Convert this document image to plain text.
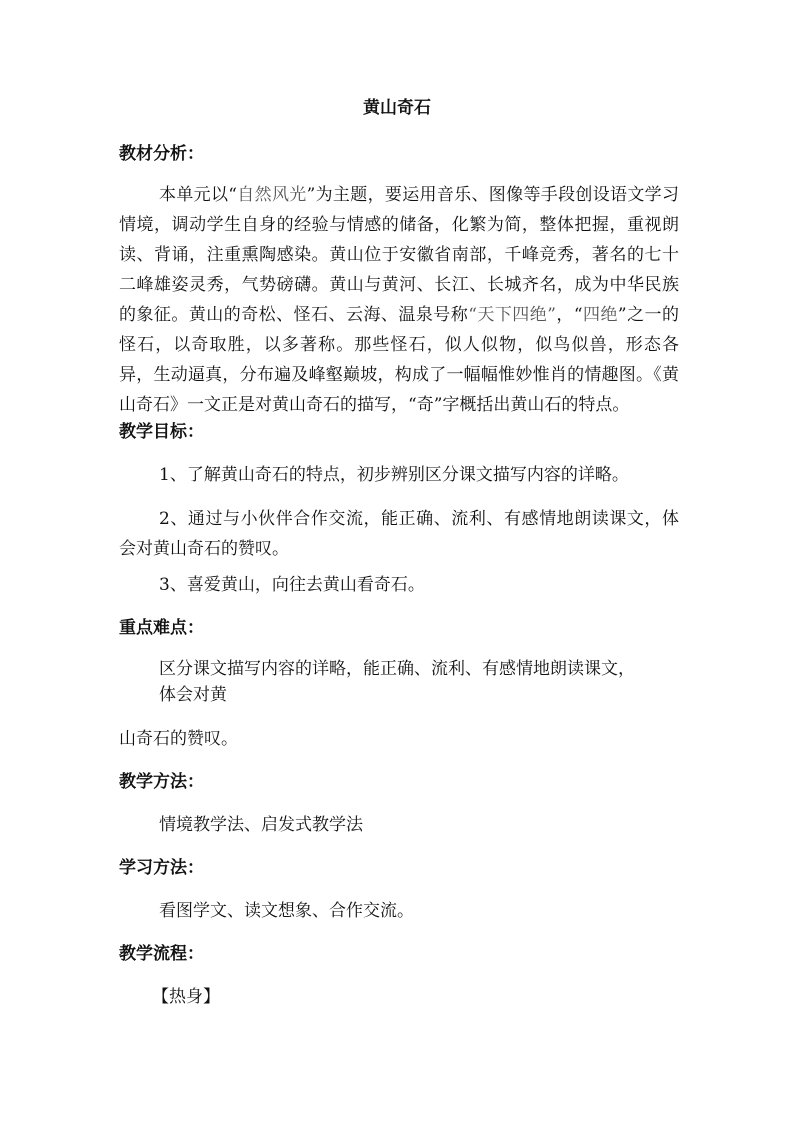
黄山奇石
教材分析：
本单元以“自然风光”为主题，要运用音乐、图像等手段创设语文学习情境，调动学生自身的经验与情感的储备，化繁为简，整体把握，重视朗读、背诵，注重熏陶感染。黄山位于安徽省南部，千峰竞秀，著名的七十二峰雄姿灵秀，气势磅礴。黄山与黄河、长江、长城齐名，成为中华民族的象征。黄山的奇松、怪石、云海、温泉号称“天下四绝”，“四绝”之一的怪石，以奇取胜，以多著称。那些怪石，似人似物，似鸟似兽，形态各异，生动逼真，分布遍及峰壑巅坡，构成了一幅幅惟妙惟肖的情趣图。《黄山奇石》一文正是对黄山奇石的描写，“奇”字概括出黄山石的特点。
教学目标：
1、了解黄山奇石的特点，初步辨别区分课文描写内容的详略。
2、通过与小伙伴合作交流，能正确、流利、有感情地朗读课文，体会对黄山奇石的赞叹。
3、喜爱黄山，向往去黄山看奇石。
重点难点：
区分课文描写内容的详略，能正确、流利、有感情地朗读课文，
体会对黄
山奇石的赞叹。
教学方法：
情境教学法、启发式教学法
学习方法：
看图学文、读文想象、合作交流。
教学流程：
【热身】
